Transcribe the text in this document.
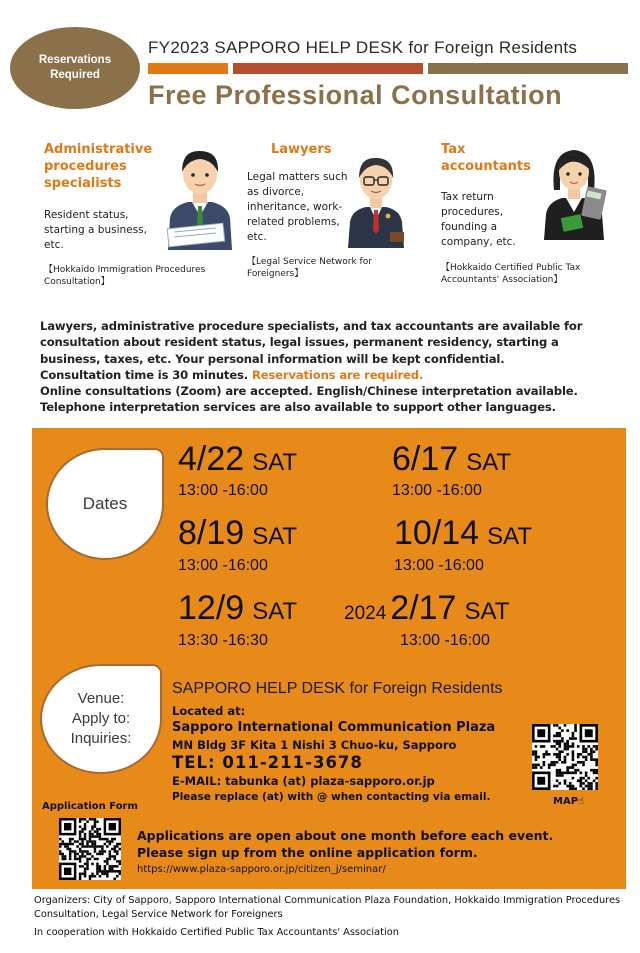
Reservations
Required
FY2023 SAPPORO HELP DESK for Foreign Residents
Free Professional Consultation
Administrative procedures specialists
Resident status, starting a business, etc.
【Hokkaido Immigration Procedures Consultation】
Lawyers
Legal matters such as divorce, inheritance, work-related problems, etc.
【Legal Service Network for Foreigners】
Tax accountants
Tax return procedures, founding a company, etc.
【Hokkaido Certified Public Tax Accountants' Association】
Lawyers, administrative procedure specialists, and tax accountants are available for consultation about resident status, legal issues, permanent residency, starting a business, taxes, etc. Your personal information will be kept confidential.
Consultation time is 30 minutes. Reservations are required.
Online consultations (Zoom) are accepted. English/Chinese interpretation available. Telephone interpretation services are also available to support other languages.
Dates
4/22 SAT
13:00 -16:00
6/17 SAT
13:00 -16:00
8/19 SAT
13:00 -16:00
10/14 SAT
13:00 -16:00
12/9 SAT
13:30 -16:30
2024 2/17 SAT
13:00 -16:00
Venue:
Apply to:
Inquiries:
SAPPORO HELP DESK for Foreign Residents
Located at:
Sapporo International Communication Plaza
MN Bldg 3F Kita 1 Nishi 3 Chuo-ku, Sapporo
TEL: 011-211-3678
E-MAIL: tabunka (at) plaza-sapporo.or.jp
Please replace (at) with @ when contacting via email.	MAP☝
Application Form
Applications are open about one month before each event.
Please sign up from the online application form.
https://www.plaza-sapporo.or.jp/citizen_j/seminar/
Organizers: City of Sapporo, Sapporo International Communication Plaza Foundation, Hokkaido Immigration Procedures Consultation, Legal Service Network for Foreigners
In cooperation with Hokkaido Certified Public Tax Accountants' Association
